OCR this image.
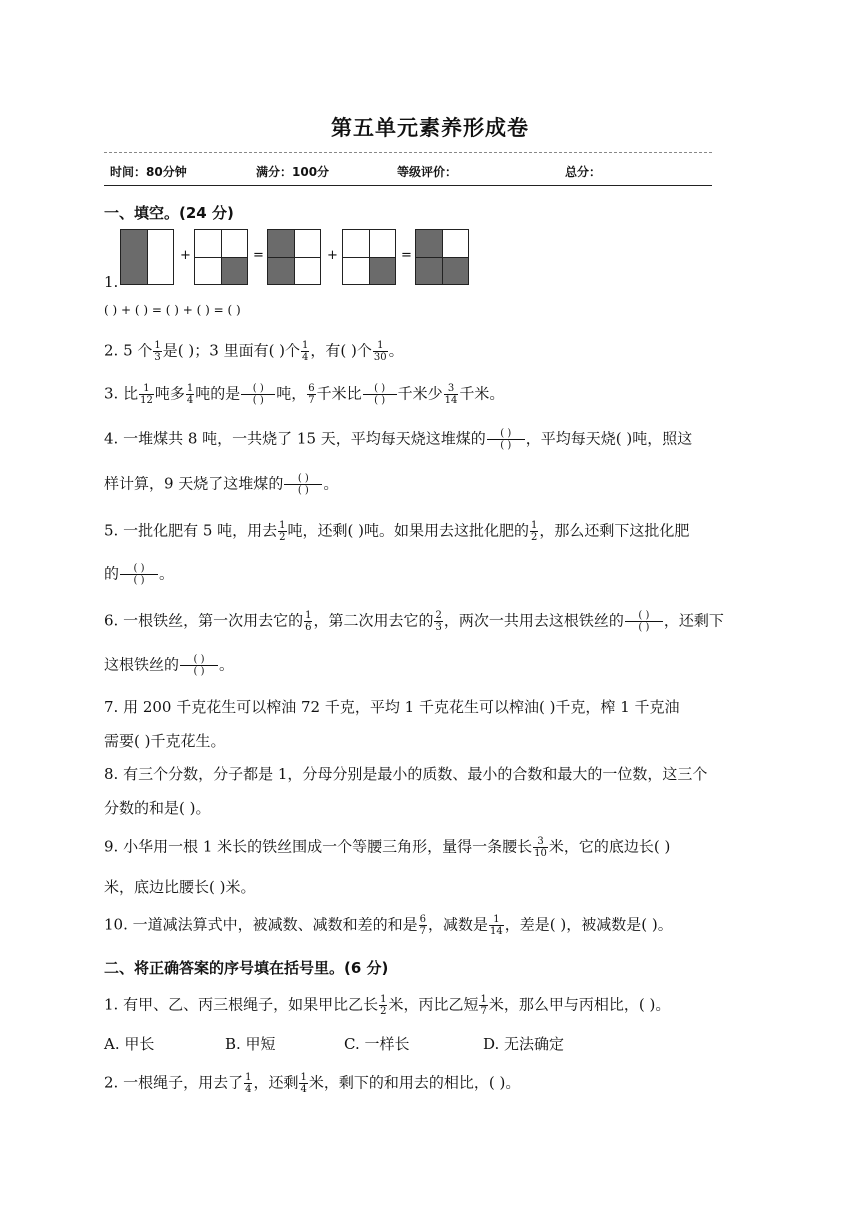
第五单元素养形成卷
时间：80分钟	满分：100分	等级评价：	总分：
一、填空。(24 分)
1.
+	=	+	=
( ) + ( ) = ( ) + ( ) = ( )
2. 5 个 $\frac{1}{3}$ 是( )；3 里面有( )个 $\frac{1}{4}$ ，有( )个 $\frac{1}{30}$ 。
3. 比 $\frac{1}{12}$ 吨多 $\frac{1}{4}$ 吨的是	( )
( ) 吨， $\frac{6}{7}$ 千米比	( )
( ) 千米少 $\frac{3}{14}$ 千米。
4. 一堆煤共 8 吨，一共烧了 15 天，平均每天烧这堆煤的	( )
( ) ，平均每天烧( )吨，照这
样计算，9 天烧了这堆煤的	( )
( ) 。
5. 一批化肥有 5 吨，用去 $\frac{1}{2}$ 吨，还剩( )吨。如果用去这批化肥的 $\frac{1}{2}$ ，那么还剩下这批化肥
的	( )
( ) 。
6. 一根铁丝，第一次用去它的 $\frac{1}{6}$ ，第二次用去它的 $\frac{2}{3}$ ，两次一共用去这根铁丝的	( )
( ) ，还剩下
这根铁丝的	( )
( ) 。
7. 用 200 千克花生可以榨油 72 千克，平均 1 千克花生可以榨油( )千克，榨 1 千克油
需要( )千克花生。
8. 有三个分数，分子都是 1，分母分别是最小的质数、最小的合数和最大的一位数，这三个
分数的和是( )。
9. 小华用一根 1 米长的铁丝围成一个等腰三角形，量得一条腰长 $\frac{3}{10}$ 米，它的底边长( )
米，底边比腰长( )米。
10. 一道减法算式中，被减数、减数和差的和是 $\frac{6}{7}$ ，减数是 $\frac{1}{14}$ ，差是( )，被减数是( )。
二、将正确答案的序号填在括号里。(6 分)
1. 有甲、乙、丙三根绳子，如果甲比乙长 $\frac{1}{2}$ 米，丙比乙短 $\frac{1}{7}$ 米，那么甲与丙相比，( )。
A. 甲长	B. 甲短	C. 一样长	D. 无法确定
2. 一根绳子，用去了 $\frac{1}{4}$ ，还剩 $\frac{1}{4}$ 米，剩下的和用去的相比，( )。
